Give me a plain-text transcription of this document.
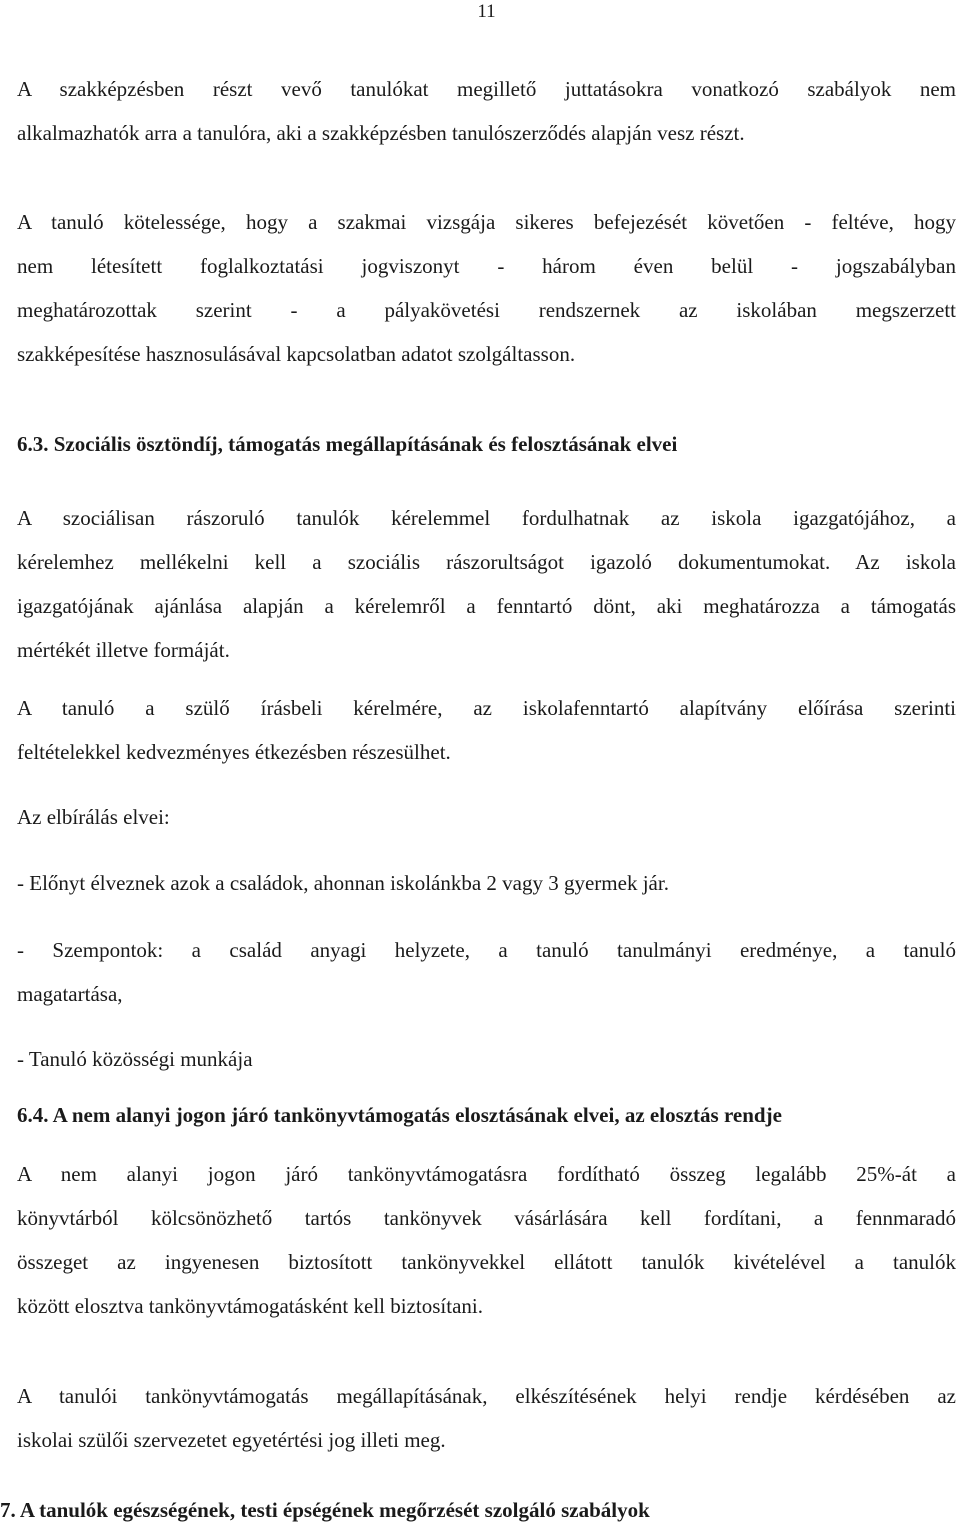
11
A szakképzésben részt vevő tanulókat megillető juttatásokra vonatkozó szabályok nem
alkalmazhatók arra a tanulóra, aki a szakképzésben tanulószerződés alapján vesz részt.
A tanuló kötelessége, hogy a szakmai vizsgája sikeres befejezését követően - feltéve, hogy
nem létesített foglalkoztatási jogviszonyt - három éven belül - jogszabályban
meghatározottak szerint - a pályakövetési rendszernek az iskolában megszerzett
szakképesítése hasznosulásával kapcsolatban adatot szolgáltasson.
6.3. Szociális ösztöndíj, támogatás megállapításának és felosztásának elvei
A szociálisan rászoruló tanulók kérelemmel fordulhatnak az iskola igazgatójához, a
kérelemhez mellékelni kell a szociális rászorultságot igazoló dokumentumokat. Az iskola
igazgatójának ajánlása alapján a kérelemről a fenntartó dönt, aki meghatározza a támogatás
mértékét illetve formáját.
A tanuló a szülő írásbeli kérelmére, az iskolafenntartó alapítvány előírása szerinti
feltételekkel kedvezményes étkezésben részesülhet.
Az elbírálás elvei:
- Előnyt élveznek azok a családok, ahonnan iskolánkba 2 vagy 3 gyermek jár.
- Szempontok: a család anyagi helyzete, a tanuló tanulmányi eredménye, a tanuló
magatartása,
- Tanuló közösségi munkája
6.4. A nem alanyi jogon járó tankönyvtámogatás elosztásának elvei, az elosztás rendje
A nem alanyi jogon járó tankönyvtámogatásra fordítható összeg legalább 25%-át a
könyvtárból kölcsönözhető tartós tankönyvek vásárlására kell fordítani, a fennmaradó
összeget az ingyenesen biztosított tankönyvekkel ellátott tanulók kivételével a tanulók
között elosztva tankönyvtámogatásként kell biztosítani.
A tanulói tankönyvtámogatás megállapításának, elkészítésének helyi rendje kérdésében az
iskolai szülői szervezetet egyetértési jog illeti meg.
7. A tanulók egészségének, testi épségének megőrzését szolgáló szabályok
